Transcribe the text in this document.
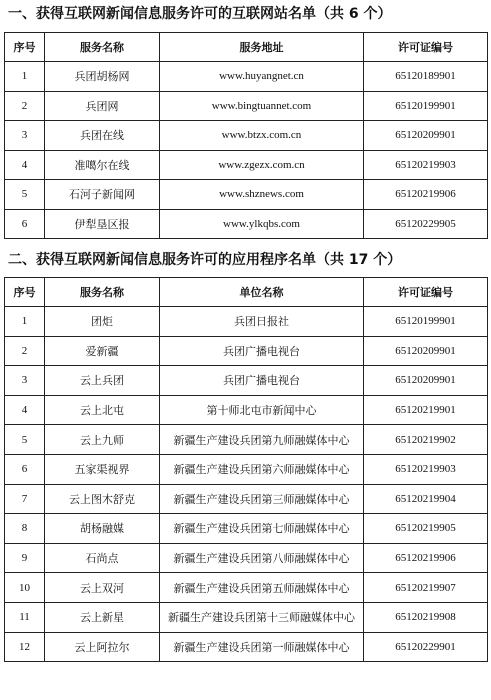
一、获得互联网新闻信息服务许可的互联网站名单（共 6 个）
序号	服务名称	服务地址	许可证编号
1	兵团胡杨网	www.huyangnet.cn	65120189901
2	兵团网	www.bingtuannet.com	65120199901
3	兵团在线	www.btzx.com.cn	65120209901
4	准噶尔在线	www.zgezx.com.cn	65120219903
5	石河子新闻网	www.shznews.com	65120219906
6	伊犁垦区报	www.ylkqbs.com	65120229905
二、获得互联网新闻信息服务许可的应用程序名单（共 17 个）
序号	服务名称	单位名称	许可证编号
1	团炬	兵团日报社	65120199901
2	爱新疆	兵团广播电视台	65120209901
3	云上兵团	兵团广播电视台	65120209901
4	云上北屯	第十师北屯市新闻中心	65120219901
5	云上九师	新疆生产建设兵团第九师融媒体中心	65120219902
6	五家渠视界	新疆生产建设兵团第六师融媒体中心	65120219903
7	云上图木舒克	新疆生产建设兵团第三师融媒体中心	65120219904
8	胡杨融媒	新疆生产建设兵团第七师融媒体中心	65120219905
9	石尚点	新疆生产建设兵团第八师融媒体中心	65120219906
10	云上双河	新疆生产建设兵团第五师融媒体中心	65120219907
11	云上新星	新疆生产建设兵团第十三师融媒体中心	65120219908
12	云上阿拉尔	新疆生产建设兵团第一师融媒体中心	65120229901
